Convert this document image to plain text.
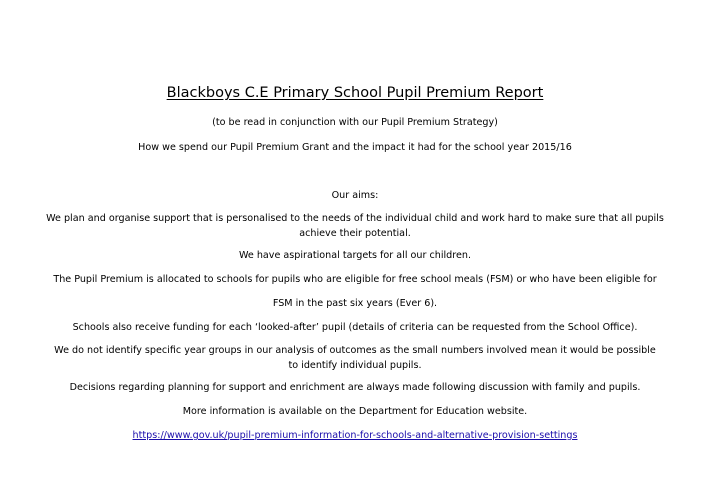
Blackboys C.E Primary School Pupil Premium Report
(to be read in conjunction with our Pupil Premium Strategy)
How we spend our Pupil Premium Grant and the impact it had for the school year 2015/16
Our aims:
We plan and organise support that is personalised to the needs of the individual child and work hard to make sure that all pupils achieve their potential.
We have aspirational targets for all our children.
The Pupil Premium is allocated to schools for pupils who are eligible for free school meals (FSM) or who have been eligible for
FSM in the past six years (Ever 6).
Schools also receive funding for each ‘looked-after’ pupil (details of criteria can be requested from the School Office).
We do not identify specific year groups in our analysis of outcomes as the small numbers involved mean it would be possible to identify individual pupils.
Decisions regarding planning for support and enrichment are always made following discussion with family and pupils.
More information is available on the Department for Education website.
https://www.gov.uk/pupil-premium-information-for-schools-and-alternative-provision-settings
